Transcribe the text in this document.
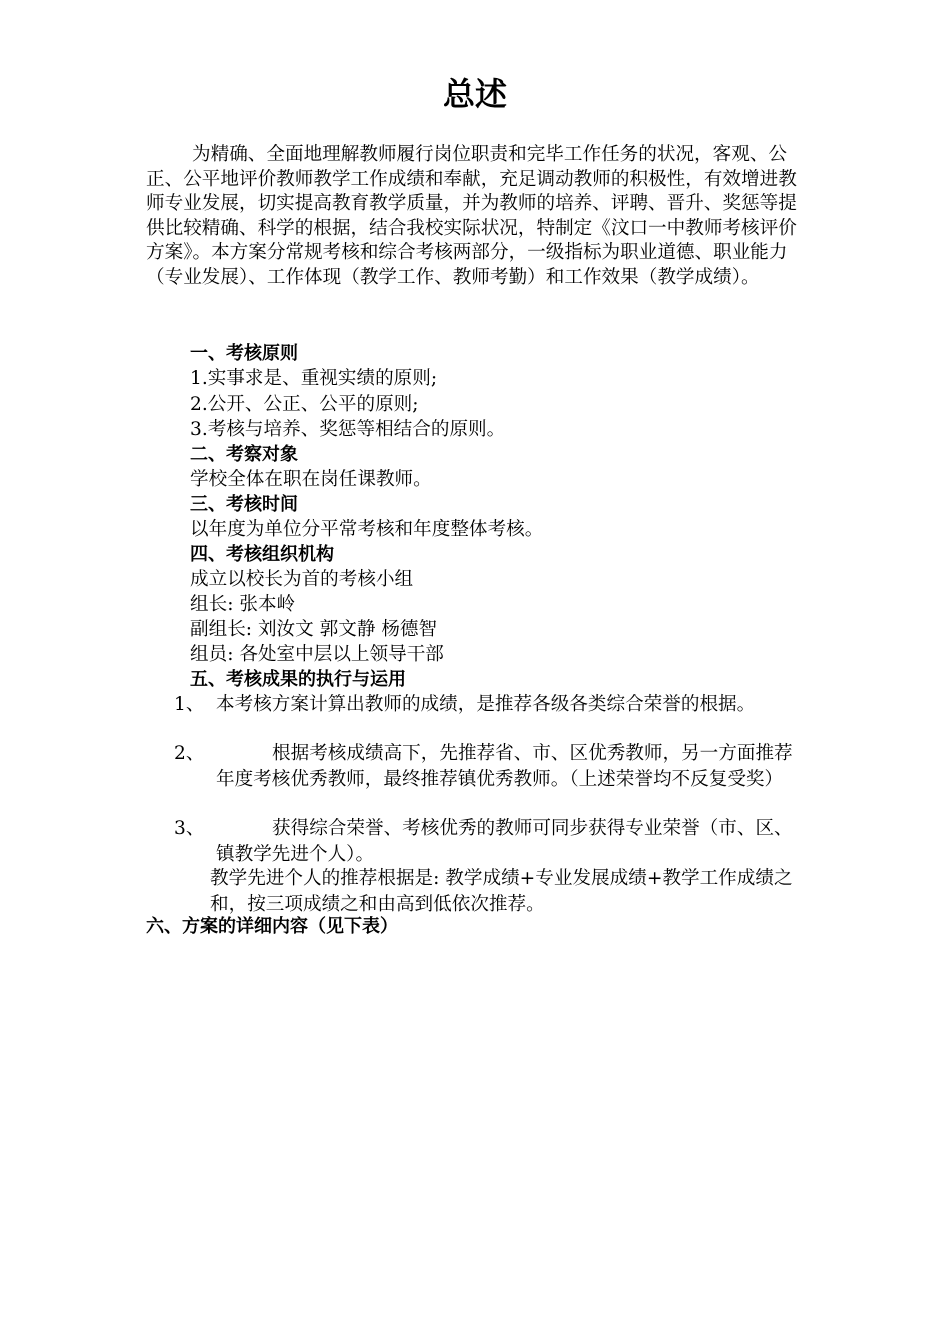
总述
为精确、全面地理解教师履行岗位职责和完毕工作任务的状况，客观、公正、公平地评价教师教学工作成绩和奉献，充足调动教师的积极性，有效增进教师专业发展，切实提高教育教学质量，并为教师的培养、评聘、晋升、奖惩等提供比较精确、科学的根据，结合我校实际状况，特制定《汶口一中教师考核评价方案》。本方案分常规考核和综合考核两部分，一级指标为职业道德、职业能力（专业发展）、工作体现（教学工作、教师考勤）和工作效果（教学成绩）。
一、考核原则
1.实事求是、重视实绩的原则;
2.公开、公正、公平的原则;
3.考核与培养、奖惩等相结合的原则。
二、考察对象
学校全体在职在岗任课教师。
三、考核时间
以年度为单位分平常考核和年度整体考核。
四、考核组织机构
成立以校长为首的考核小组
组长: 张本岭
副组长: 刘汝文 郭文静 杨德智
组员: 各处室中层以上领导干部
五、考核成果的执行与运用
1、 本考核方案计算出教师的成绩，是推荐各级各类综合荣誉的根据。
2、	根据考核成绩高下，先推荐省、市、区优秀教师，另一方面推荐年度考核优秀教师，最终推荐镇优秀教师。（上述荣誉均不反复受奖）
3、	获得综合荣誉、考核优秀的教师可同步获得专业荣誉（市、区、镇教学先进个人）。
教学先进个人的推荐根据是: 教学成绩+专业发展成绩+教学工作成绩之和，按三项成绩之和由高到低依次推荐。
六、方案的详细内容（见下表）
